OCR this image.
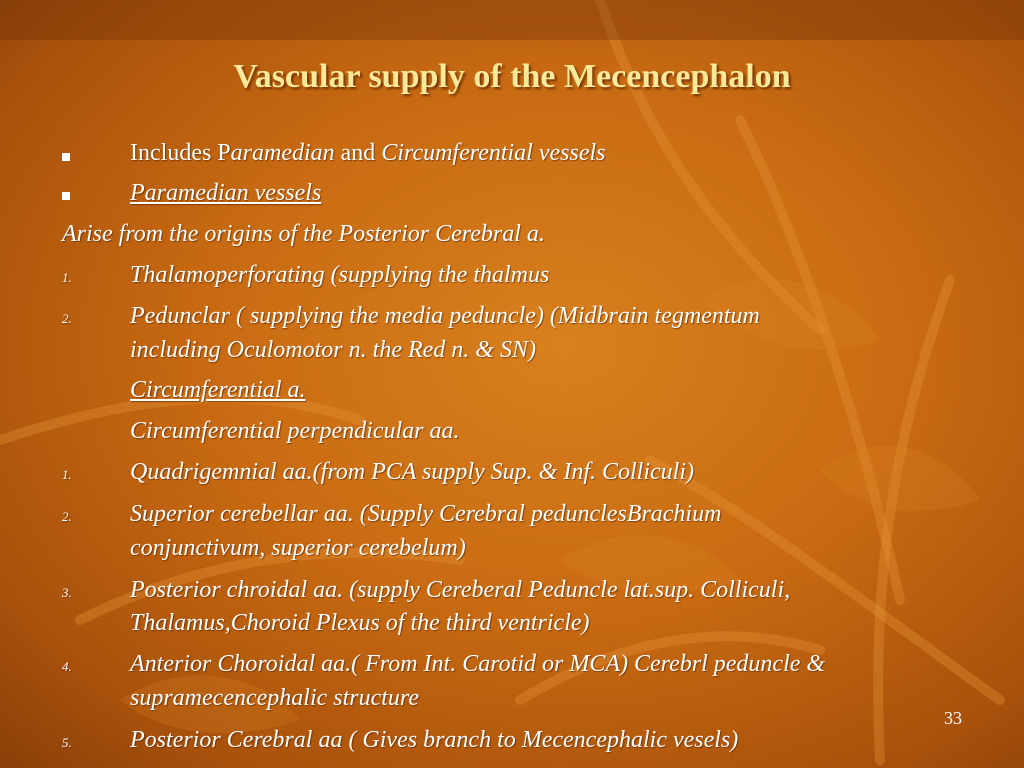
Vascular supply of the Mecencephalon
Includes Paramedian and Circumferential vessels
Paramedian vessels
Arise from the origins of the Posterior Cerebral a.
1. Thalamoperforating (supplying the thalmus
2. Pedunclar ( supplying the media peduncle) (Midbrain tegmentum
including Oculomotor n. the Red n. & SN)
Circumferential a.
Circumferential perpendicular aa.
1. Quadrigemnial aa.(from PCA supply Sup. & Inf. Colliculi)
2. Superior cerebellar aa. (Supply Cerebral pedunclesBrachium
conjunctivum, superior cerebelum)
3. Posterior chroidal aa. (supply Cereberal Peduncle lat.sup. Colliculi,
Thalamus,Choroid Plexus of the third ventricle)
4. Anterior Choroidal aa.( From Int. Carotid or MCA) Cerebrl peduncle &
supramecencephalic structure
5. Posterior Cerebral aa ( Gives branch to Mecencephalic vesels)
33
